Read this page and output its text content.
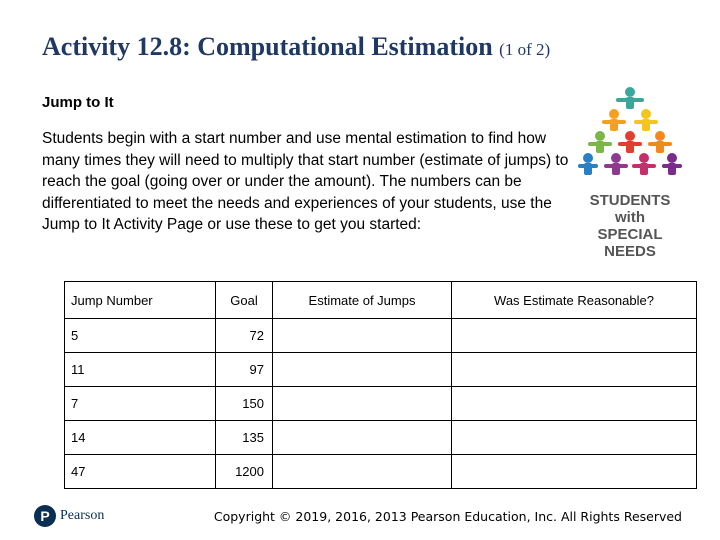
Activity 12.8: Computational Estimation (1 of 2)
Jump to It
Students begin with a start number and use mental estimation to find how many times they will need to multiply that start number (estimate of jumps) to reach the goal (going over or under the amount). The numbers can be differentiated to meet the needs and experiences of your students, use the Jump to It Activity Page or use these to get you started:
STUDENTS
with
SPECIAL
NEEDS
Jump Number	Goal	Estimate of Jumps	Was Estimate Reasonable?
5	72		
11	97		
7	150		
14	135		
47	1200		
P Pearson	Copyright © 2019, 2016, 2013 Pearson Education, Inc. All Rights Reserved
